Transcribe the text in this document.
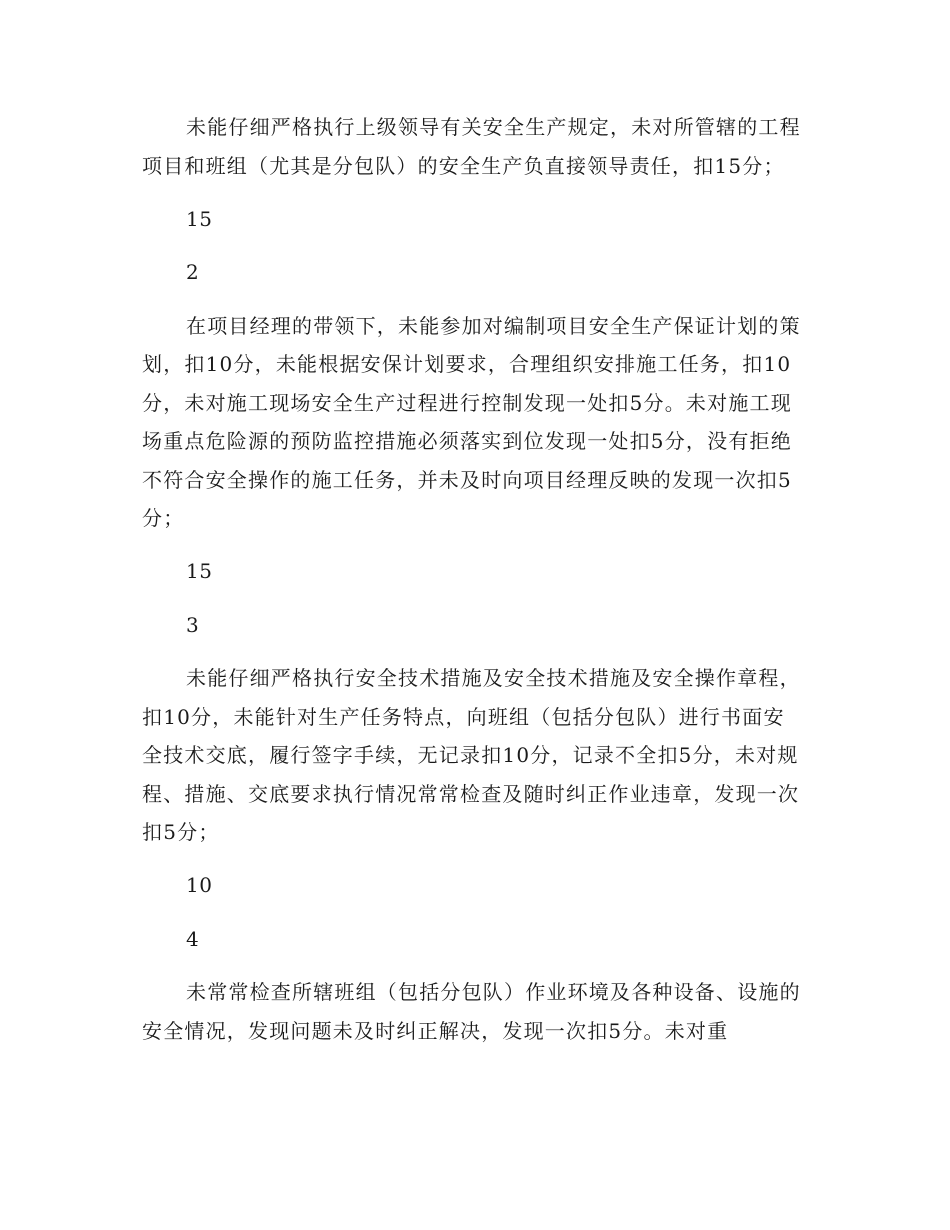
未能仔细严格执行上级领导有关安全生产规定，未对所管辖的工程项目和班组（尤其是分包队）的安全生产负直接领导责任，扣15分；

15

2

在项目经理的带领下，未能参加对编制项目安全生产保证计划的策划，扣10分，未能根据安保计划要求，合理组织安排施工任务，扣10分，未对施工现场安全生产过程进行控制发现一处扣5分。未对施工现场重点危险源的预防监控措施必须落实到位发现一处扣5分，没有拒绝不符合安全操作的施工任务，并未及时向项目经理反映的发现一次扣5分；

15

3

未能仔细严格执行安全技术措施及安全技术措施及安全操作章程，扣10分，未能针对生产任务特点，向班组（包括分包队）进行书面安全技术交底，履行签字手续，无记录扣10分，记录不全扣5分，未对规程、措施、交底要求执行情况常常检查及随时纠正作业违章，发现一次扣5分；

10

4

未常常检查所辖班组（包括分包队）作业环境及各种设备、设施的安全情况，发现问题未及时纠正解决，发现一次扣5分。未对重
